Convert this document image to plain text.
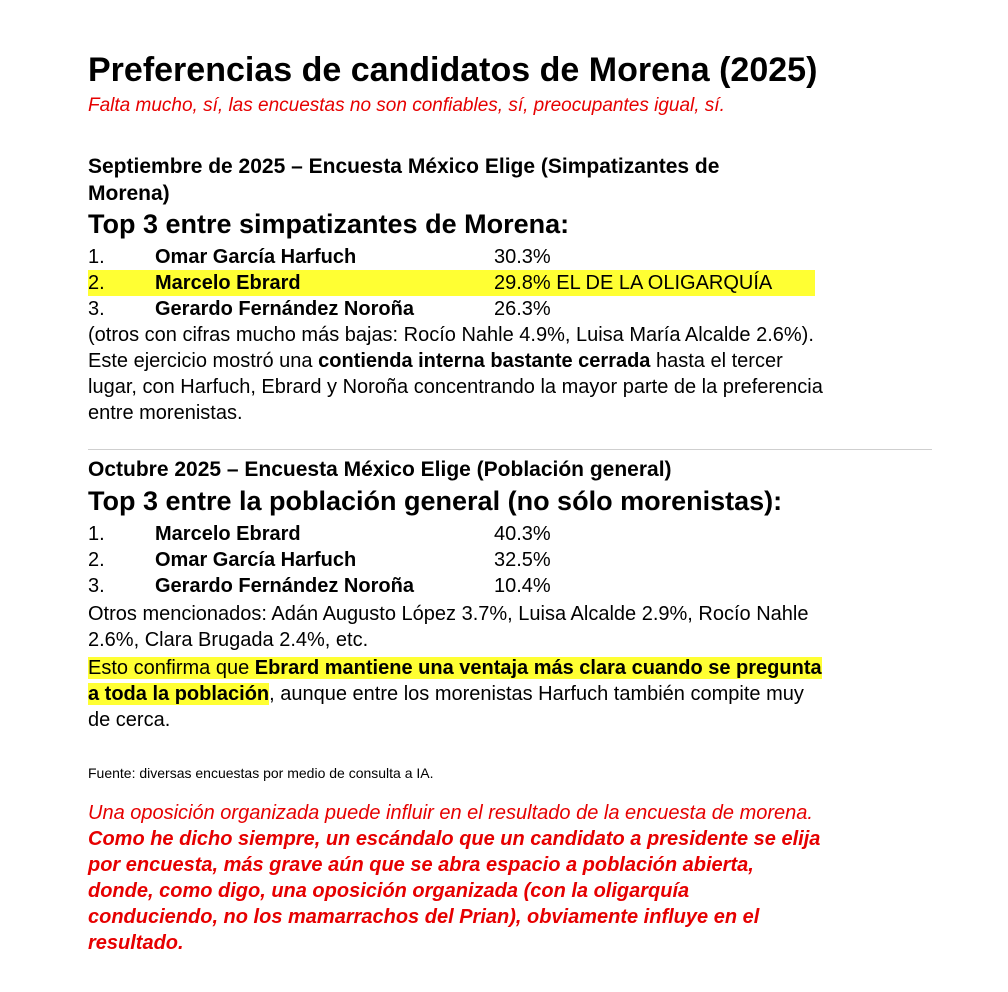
Preferencias de candidatos de Morena (2025)
Falta mucho, sí, las encuestas no son confiables, sí, preocupantes igual, sí.
Septiembre de 2025 – Encuesta México Elige (Simpatizantes de
Morena)
Top 3 entre simpatizantes de Morena:
1.	Omar García Harfuch	30.3%
2.	Marcelo Ebrard	29.8% EL DE LA OLIGARQUÍA
3.	Gerardo Fernández Noroña	26.3%
(otros con cifras mucho más bajas: Rocío Nahle 4.9%, Luisa María Alcalde 2.6%).
Este ejercicio mostró una contienda interna bastante cerrada hasta el tercer
lugar, con Harfuch, Ebrard y Noroña concentrando la mayor parte de la preferencia
entre morenistas.
Octubre 2025 – Encuesta México Elige (Población general)
Top 3 entre la población general (no sólo morenistas):
1.	Marcelo Ebrard	40.3%
2.	Omar García Harfuch	32.5%
3.	Gerardo Fernández Noroña	10.4%
Otros mencionados: Adán Augusto López 3.7%, Luisa Alcalde 2.9%, Rocío Nahle
2.6%, Clara Brugada 2.4%, etc.
Esto confirma que Ebrard mantiene una ventaja más clara cuando se pregunta
a toda la población, aunque entre los morenistas Harfuch también compite muy
de cerca.
Fuente: diversas encuestas por medio de consulta a IA.
Una oposición organizada puede influir en el resultado de la encuesta de morena.
Como he dicho siempre, un escándalo que un candidato a presidente se elija
por encuesta, más grave aún que se abra espacio a población abierta,
donde, como digo, una oposición organizada (con la oligarquía
conduciendo, no los mamarrachos del Prian), obviamente influye en el
resultado.
